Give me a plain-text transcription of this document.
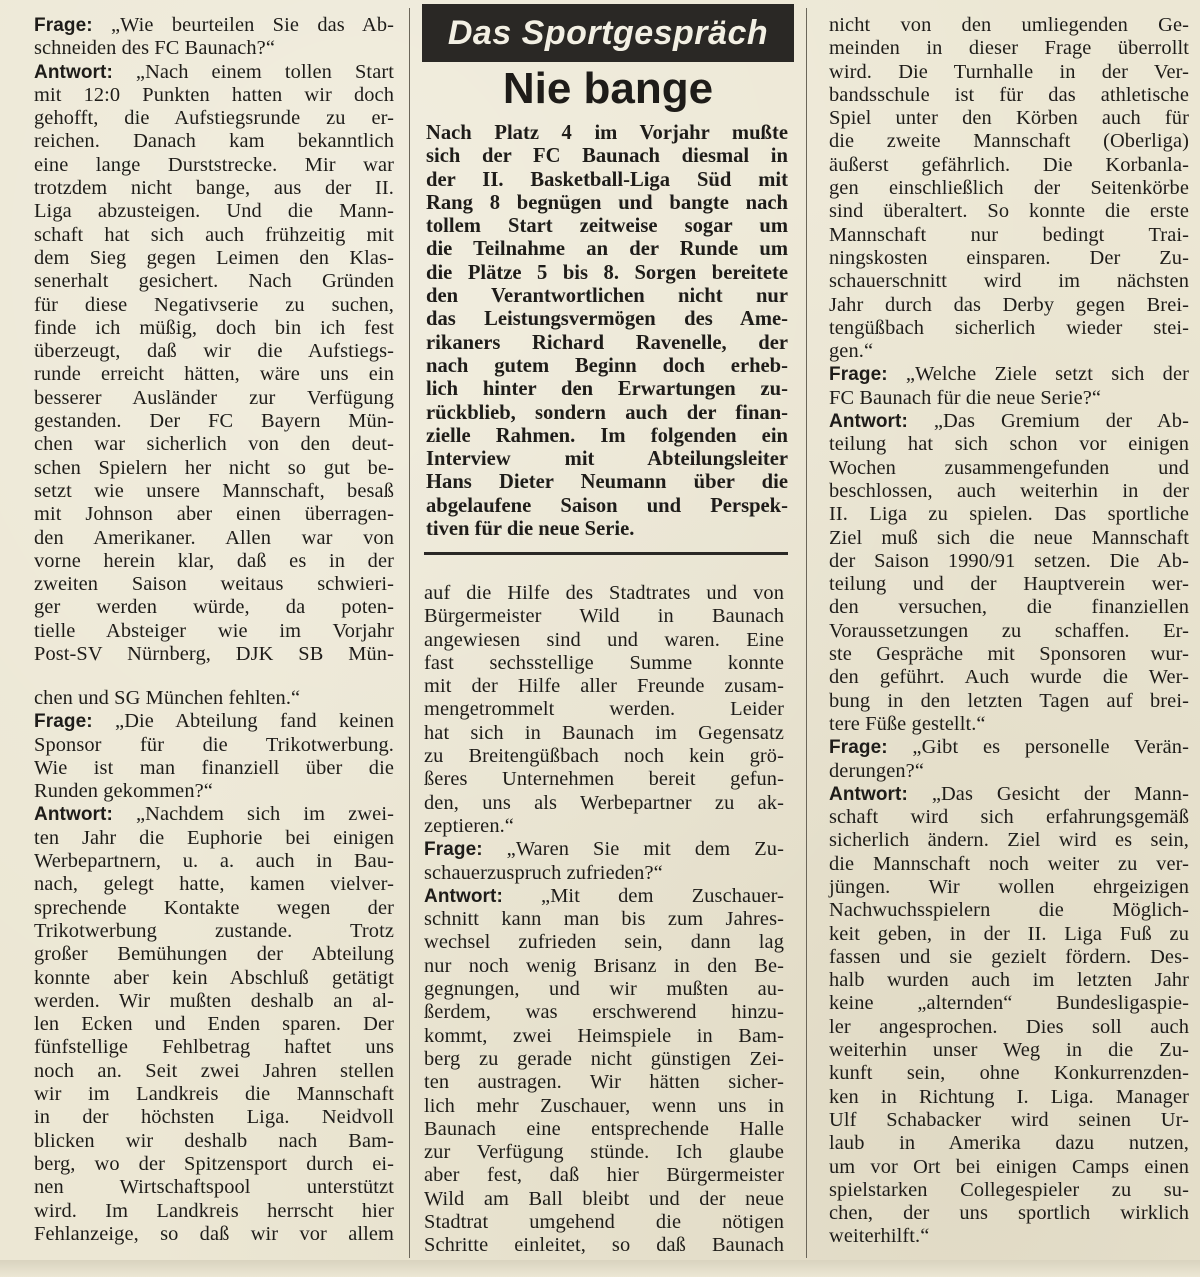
Das Sportgespräch
Nie bange
Nach Platz 4 im Vorjahr mußte
sich der FC Baunach diesmal in
der II. Basketball-Liga Süd mit
Rang 8 begnügen und bangte nach
tollem Start zeitweise sogar um
die Teilnahme an der Runde um
die Plätze 5 bis 8. Sorgen bereitete
den Verantwortlichen nicht nur
das Leistungsvermögen des Ame-
rikaners Richard Ravenelle, der
nach gutem Beginn doch erheb-
lich hinter den Erwartungen zu-
rückblieb, sondern auch der finan-
zielle Rahmen. Im folgenden ein
Interview mit Abteilungsleiter
Hans Dieter Neumann über die
abgelaufene Saison und Perspek-
tiven für die neue Serie.
Frage: „Wie beurteilen Sie das Ab-
schneiden des FC Baunach?“
Antwort: „Nach einem tollen Start
mit 12:0 Punkten hatten wir doch
gehofft, die Aufstiegsrunde zu er-
reichen. Danach kam bekanntlich
eine lange Durststrecke. Mir war
trotzdem nicht bange, aus der II.
Liga abzusteigen. Und die Mann-
schaft hat sich auch frühzeitig mit
dem Sieg gegen Leimen den Klas-
senerhalt gesichert. Nach Gründen
für diese Negativserie zu suchen,
finde ich müßig, doch bin ich fest
überzeugt, daß wir die Aufstiegs-
runde erreicht hätten, wäre uns ein
besserer Ausländer zur Verfügung
gestanden. Der FC Bayern Mün-
chen war sicherlich von den deut-
schen Spielern her nicht so gut be-
setzt wie unsere Mannschaft, besaß
mit Johnson aber einen überragen-
den Amerikaner. Allen war von
vorne herein klar, daß es in der
zweiten Saison weitaus schwieri-
ger werden würde, da poten-
tielle Absteiger wie im Vorjahr
Post-SV Nürnberg, DJK SB Mün-
chen und SG München fehlten.“
Frage: „Die Abteilung fand keinen
Sponsor für die Trikotwerbung.
Wie ist man finanziell über die
Runden gekommen?“
Antwort: „Nachdem sich im zwei-
ten Jahr die Euphorie bei einigen
Werbepartnern, u. a. auch in Bau-
nach, gelegt hatte, kamen vielver-
sprechende Kontakte wegen der
Trikotwerbung zustande. Trotz
großer Bemühungen der Abteilung
konnte aber kein Abschluß getätigt
werden. Wir mußten deshalb an al-
len Ecken und Enden sparen. Der
fünfstellige Fehlbetrag haftet uns
noch an. Seit zwei Jahren stellen
wir im Landkreis die Mannschaft
in der höchsten Liga. Neidvoll
blicken wir deshalb nach Bam-
berg, wo der Spitzensport durch ei-
nen Wirtschaftspool unterstützt
wird. Im Landkreis herrscht hier
Fehlanzeige, so daß wir vor allem
auf die Hilfe des Stadtrates und von
Bürgermeister Wild in Baunach
angewiesen sind und waren. Eine
fast sechsstellige Summe konnte
mit der Hilfe aller Freunde zusam-
mengetrommelt werden. Leider
hat sich in Baunach im Gegensatz
zu Breitengüßbach noch kein grö-
ßeres Unternehmen bereit gefun-
den, uns als Werbepartner zu ak-
zeptieren.“
Frage: „Waren Sie mit dem Zu-
schauerzuspruch zufrieden?“
Antwort: „Mit dem Zuschauer-
schnitt kann man bis zum Jahres-
wechsel zufrieden sein, dann lag
nur noch wenig Brisanz in den Be-
gegnungen, und wir mußten au-
ßerdem, was erschwerend hinzu-
kommt, zwei Heimspiele in Bam-
berg zu gerade nicht günstigen Zei-
ten austragen. Wir hätten sicher-
lich mehr Zuschauer, wenn uns in
Baunach eine entsprechende Halle
zur Verfügung stünde. Ich glaube
aber fest, daß hier Bürgermeister
Wild am Ball bleibt und der neue
Stadtrat umgehend die nötigen
Schritte einleitet, so daß Baunach
nicht von den umliegenden Ge-
meinden in dieser Frage überrollt
wird. Die Turnhalle in der Ver-
bandsschule ist für das athletische
Spiel unter den Körben auch für
die zweite Mannschaft (Oberliga)
äußerst gefährlich. Die Korbanla-
gen einschließlich der Seitenkörbe
sind überaltert. So konnte die erste
Mannschaft nur bedingt Trai-
ningskosten einsparen. Der Zu-
schauerschnitt wird im nächsten
Jahr durch das Derby gegen Brei-
tengüßbach sicherlich wieder stei-
gen.“
Frage: „Welche Ziele setzt sich der
FC Baunach für die neue Serie?“
Antwort: „Das Gremium der Ab-
teilung hat sich schon vor einigen
Wochen zusammengefunden und
beschlossen, auch weiterhin in der
II. Liga zu spielen. Das sportliche
Ziel muß sich die neue Mannschaft
der Saison 1990/91 setzen. Die Ab-
teilung und der Hauptverein wer-
den versuchen, die finanziellen
Voraussetzungen zu schaffen. Er-
ste Gespräche mit Sponsoren wur-
den geführt. Auch wurde die Wer-
bung in den letzten Tagen auf brei-
tere Füße gestellt.“
Frage: „Gibt es personelle Verän-
derungen?“
Antwort: „Das Gesicht der Mann-
schaft wird sich erfahrungsgemäß
sicherlich ändern. Ziel wird es sein,
die Mannschaft noch weiter zu ver-
jüngen. Wir wollen ehrgeizigen
Nachwuchsspielern die Möglich-
keit geben, in der II. Liga Fuß zu
fassen und sie gezielt fördern. Des-
halb wurden auch im letzten Jahr
keine „alternden“ Bundesligaspie-
ler angesprochen. Dies soll auch
weiterhin unser Weg in die Zu-
kunft sein, ohne Konkurrenzden-
ken in Richtung I. Liga. Manager
Ulf Schabacker wird seinen Ur-
laub in Amerika dazu nutzen,
um vor Ort bei einigen Camps einen
spielstarken Collegespieler zu su-
chen, der uns sportlich wirklich
weiterhilft.“
